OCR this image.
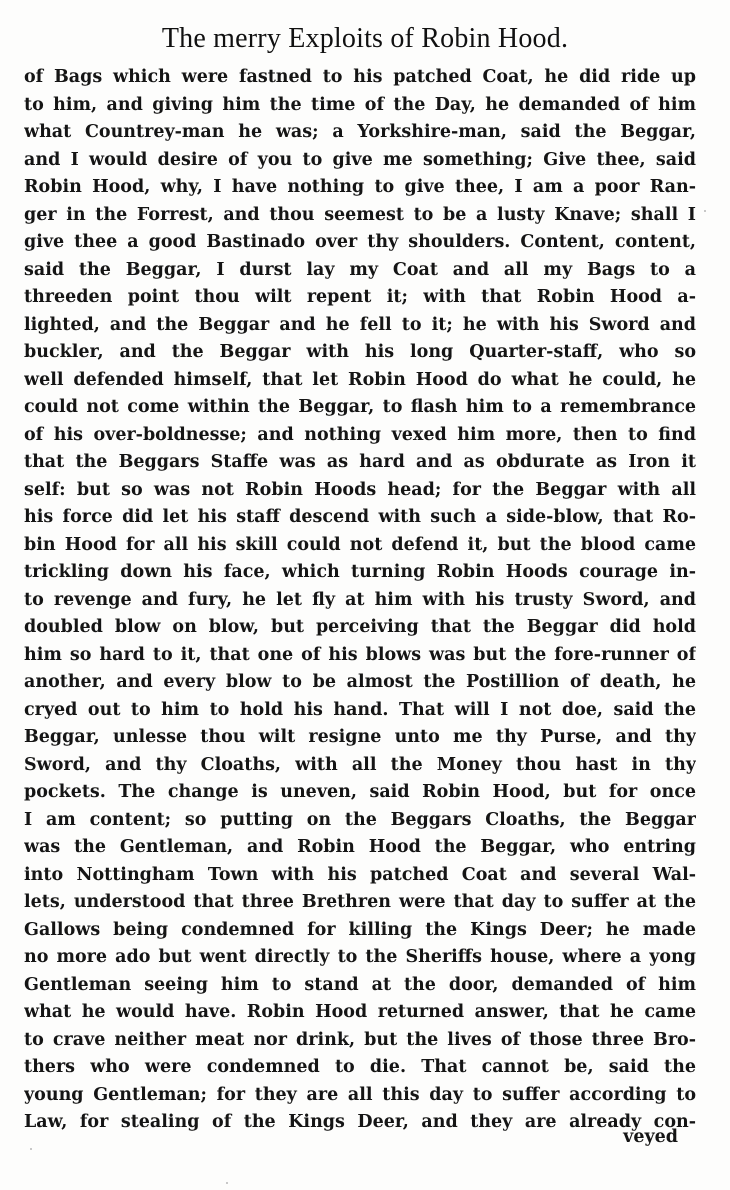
The merry Exploits of Robin Hood.
of Bags which were fastned to his patched Coat, he did ride up
to him, and giving him the time of the Day, he demanded of him
what Countrey-man he was; a Yorkshire-man, said the Beggar,
and I would desire of you to give me something; Give thee, said
Robin Hood, why, I have nothing to give thee, I am a poor Ran-
ger in the Forrest, and thou seemest to be a lusty Knave; shall I
give thee a good Bastinado over thy shoulders. Content, content,
said the Beggar, I durst lay my Coat and all my Bags to a
threeden point thou wilt repent it; with that Robin Hood a-
lighted, and the Beggar and he fell to it; he with his Sword and
buckler, and the Beggar with his long Quarter-staff, who so
well defended himself, that let Robin Hood do what he could, he
could not come within the Beggar, to flash him to a remembrance
of his over-boldnesse; and nothing vexed him more, then to find
that the Beggars Staffe was as hard and as obdurate as Iron it
self: but so was not Robin Hoods head; for the Beggar with all
his force did let his staff descend with such a side-blow, that Ro-
bin Hood for all his skill could not defend it, but the blood came
trickling down his face, which turning Robin Hoods courage in-
to revenge and fury, he let fly at him with his trusty Sword, and
doubled blow on blow, but perceiving that the Beggar did hold
him so hard to it, that one of his blows was but the fore-runner of
another, and every blow to be almost the Postillion of death, he
cryed out to him to hold his hand. That will I not doe, said the
Beggar, unlesse thou wilt resigne unto me thy Purse, and thy
Sword, and thy Cloaths, with all the Money thou hast in thy
pockets. The change is uneven, said Robin Hood, but for once
I am content; so putting on the Beggars Cloaths, the Beggar
was the Gentleman, and Robin Hood the Beggar, who entring
into Nottingham Town with his patched Coat and several Wal-
lets, understood that three Brethren were that day to suffer at the
Gallows being condemned for killing the Kings Deer; he made
no more ado but went directly to the Sheriffs house, where a yong
Gentleman seeing him to stand at the door, demanded of him
what he would have. Robin Hood returned answer, that he came
to crave neither meat nor drink, but the lives of those three Bro-
thers who were condemned to die. That cannot be, said the
young Gentleman; for they are all this day to suffer according to
Law, for stealing of the Kings Deer, and they are already con-
veyed
